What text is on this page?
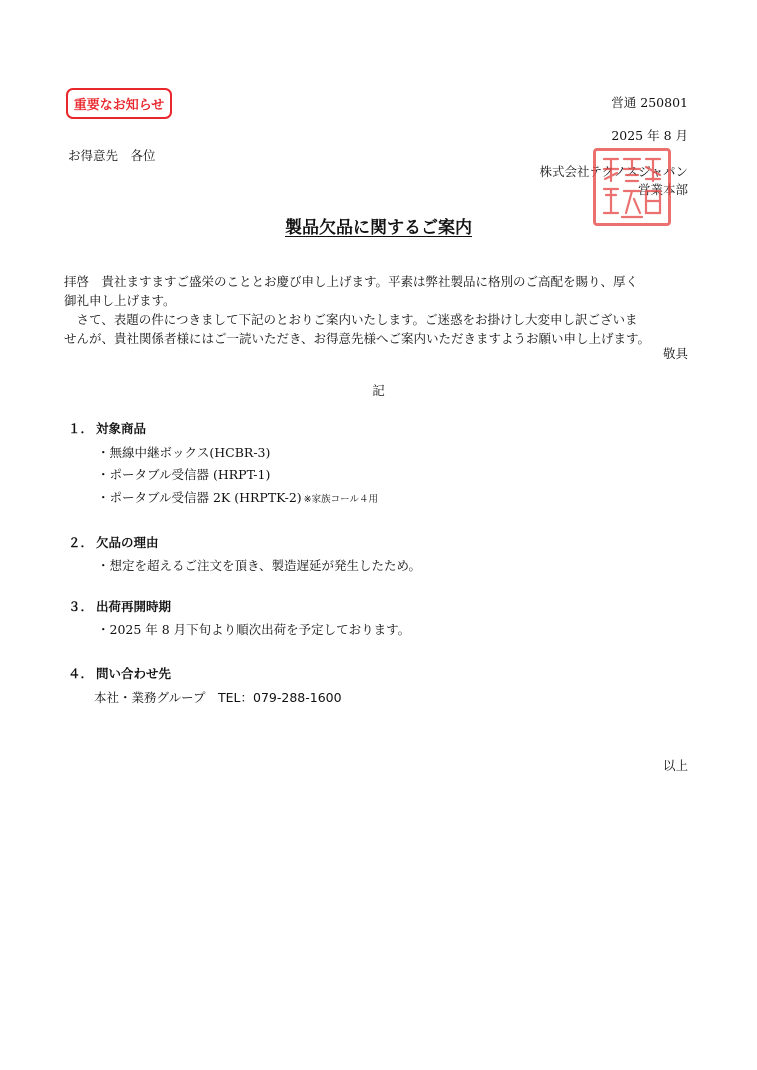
重要なお知らせ	営通 250801
2025 年 8 月
お得意先　各位
株式会社テクノスジャパン
営業本部
製品欠品に関するご案内
拝啓　貴社ますますご盛栄のこととお慶び申し上げます。平素は弊社製品に格別のご高配を賜り、厚く
御礼申し上げます。
　さて、表題の件につきまして下記のとおりご案内いたします。ご迷惑をお掛けし大変申し訳ございま
せんが、貴社関係者様にはご一読いただき、お得意先様へご案内いただきますようお願い申し上げます。
敬具
記
１． 対象商品
・無線中継ボックス(HCBR-3)
・ポータブル受信器 (HRPT-1)
・ポータブル受信器 2K (HRPTK-2) ※家族コール４用
２． 欠品の理由
・想定を超えるご注文を頂き、製造遅延が発生したため。
３． 出荷再開時期
・2025 年 8 月下旬より順次出荷を予定しております。
４． 問い合わせ先
本社・業務グループ　TEL：079-288-1600
以上
